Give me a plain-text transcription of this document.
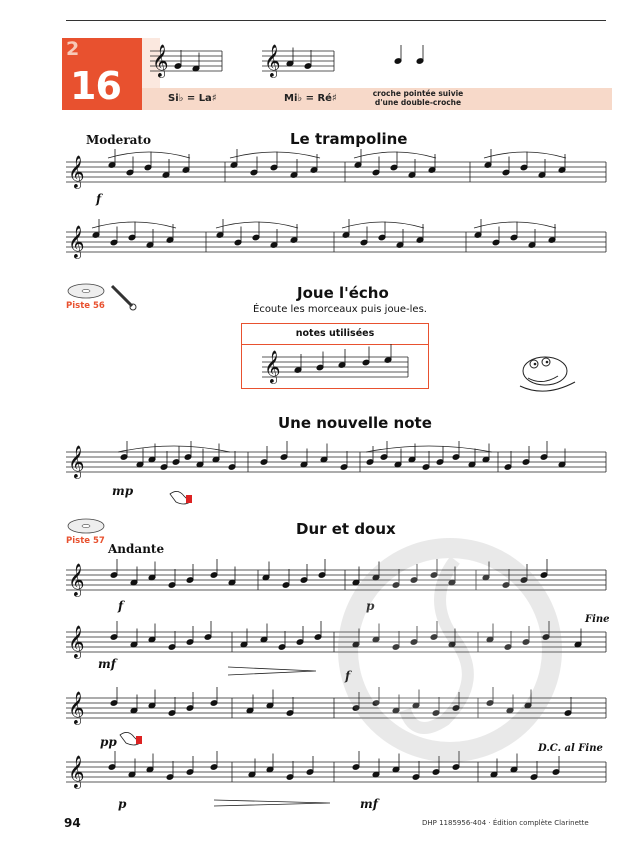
2
16	Si♭ = La♯	Mi♭ = Ré♯	croche pointée suivie d'une double-croche
Le trampoline
Moderato
f
Joue l'écho
Écoute les morceaux puis joue-les.
Piste 56
notes utilisées
Une nouvelle note
mp
Dur et doux
Piste 57
Andante
f	p
mf
f
pp
p	mf
Fine
D.C. al Fine
94	DHP 1185956-404 · Édition complète Clarinette
𝄞	𝄞
𝄞
𝄞
𝄞
𝄞
𝄞
𝄞
𝄞
𝄞
